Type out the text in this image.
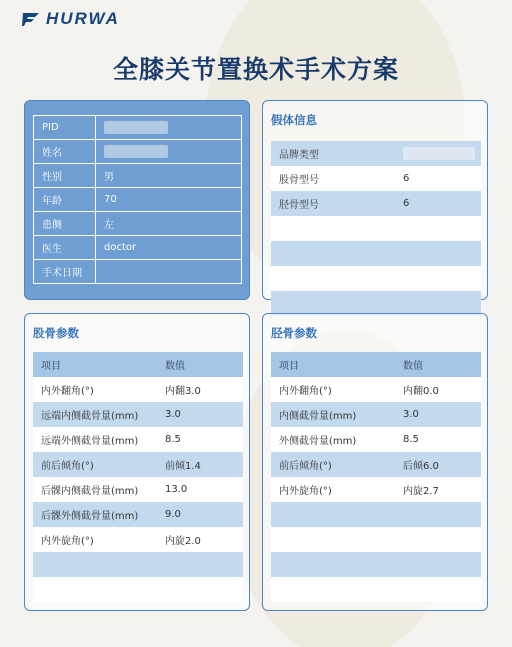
HURWA
全膝关节置换术手术方案
PID	
姓名	
性别	男
年龄	70
患侧	左
医生	doctor
手术日期	
假体信息
品牌类型	
股骨型号	6
胫骨型号	6

股骨参数
项目	数值
内外翻角(°)	内翻3.0
远端内侧截骨量(mm)	3.0
远端外侧截骨量(mm)	8.5
前后倾角(°)	前倾1.4
后髁内侧截骨量(mm)	13.0
后髁外侧截骨量(mm)	9.0
内外旋角(°)	内旋2.0

胫骨参数
项目	数值
内外翻角(°)	内翻0.0
内侧截骨量(mm)	3.0
外侧截骨量(mm)	8.5
前后倾角(°)	后倾6.0
内外旋角(°)	内旋2.7
